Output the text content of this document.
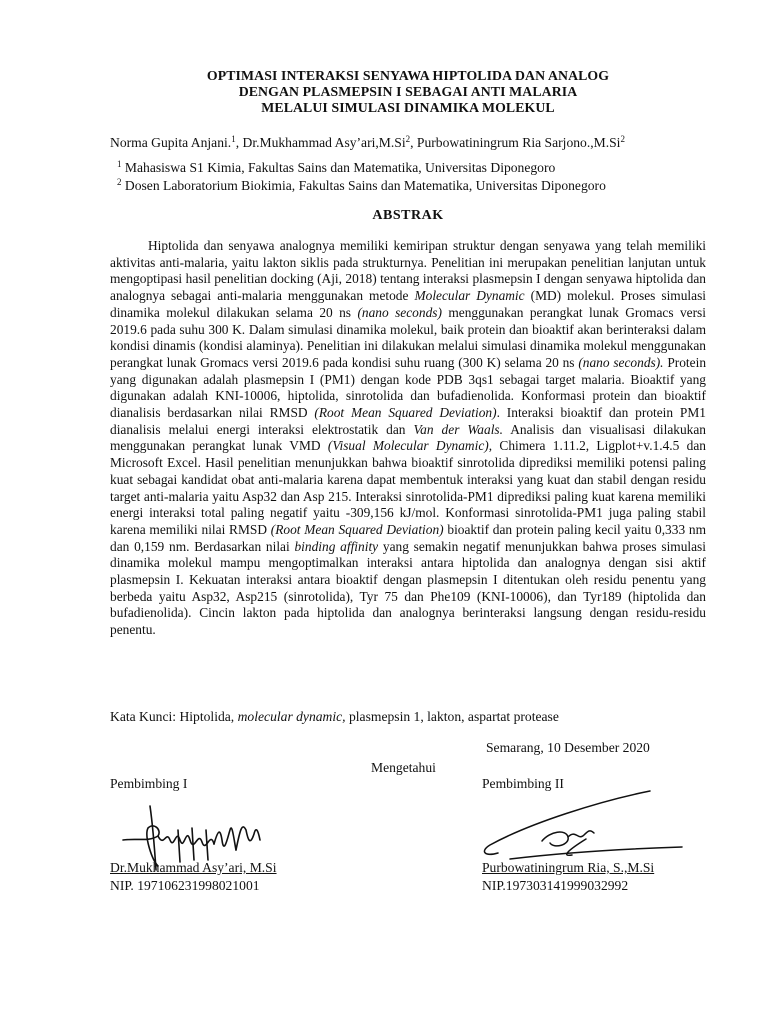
OPTIMASI INTERAKSI SENYAWA HIPTOLIDA DAN ANALOG
DENGAN PLASMEPSIN I SEBAGAI ANTI MALARIA
MELALUI SIMULASI DINAMIKA MOLEKUL
Norma Gupita Anjani.$^1$, Dr.Mukhammad Asy’ari,M.Si$^2$, Purbowatiningrum Ria Sarjono.,M.Si$^2$
$^1$ Mahasiswa S1 Kimia, Fakultas Sains dan Matematika, Universitas Diponegoro
$^2$ Dosen Laboratorium Biokimia, Fakultas Sains dan Matematika, Universitas Diponegoro
ABSTRAK

Hiptolida dan senyawa analognya memiliki kemiripan struktur dengan senyawa yang telah memiliki aktivitas anti-malaria, yaitu lakton siklis pada strukturnya. Penelitian ini merupakan penelitian lanjutan untuk mengoptipasi hasil penelitian docking (Aji, 2018) tentang interaksi plasmepsin I dengan senyawa hiptolida dan analognya sebagai anti-malaria menggunakan metode Molecular Dynamic (MD) molekul. Proses simulasi dinamika molekul dilakukan selama 20 ns (nano seconds) menggunakan perangkat lunak Gromacs versi 2019.6 pada suhu 300 K. Dalam simulasi dinamika molekul, baik protein dan bioaktif akan berinteraksi dalam kondisi dinamis (kondisi alaminya). Penelitian ini dilakukan melalui simulasi dinamika molekul menggunakan perangkat lunak Gromacs versi 2019.6 pada kondisi suhu ruang (300 K) selama 20 ns (nano seconds). Protein yang digunakan adalah plasmepsin I (PM1) dengan kode PDB 3qs1 sebagai target malaria. Bioaktif yang digunakan adalah KNI-10006, hiptolida, sinrotolida dan bufadienolida. Konformasi protein dan bioaktif dianalisis berdasarkan nilai RMSD (Root Mean Squared Deviation). Interaksi bioaktif dan protein PM1 dianalisis melalui energi interaksi elektrostatik dan Van der Waals. Analisis dan visualisasi dilakukan menggunakan perangkat lunak VMD (Visual Molecular Dynamic), Chimera 1.11.2, Ligplot+v.1.4.5 dan Microsoft Excel. Hasil penelitian menunjukkan bahwa bioaktif sinrotolida diprediksi memiliki potensi paling kuat sebagai kandidat obat anti-malaria karena dapat membentuk interaksi yang kuat dan stabil dengan residu target anti-malaria yaitu Asp32 dan Asp 215. Interaksi sinrotolida-PM1 diprediksi paling kuat karena memiliki energi interaksi total paling negatif yaitu -309,156 kJ/mol. Konformasi sinrotolida-PM1 juga paling stabil karena memiliki nilai RMSD (Root Mean Squared Deviation) bioaktif dan protein paling kecil yaitu 0,333 nm dan 0,159 nm. Berdasarkan nilai binding affinity yang semakin negatif menunjukkan bahwa proses simulasi dinamika molekul mampu mengoptimalkan interaksi antara hiptolida dan analognya dengan sisi aktif plasmepsin I. Kekuatan interaksi antara bioaktif dengan plasmepsin I ditentukan oleh residu penentu yang berbeda yaitu Asp32, Asp215 (sinrotolida), Tyr 75 dan Phe109 (KNI-10006), dan Tyr189 (hiptolida dan bufadienolida). Cincin lakton pada hiptolida dan analognya berinteraksi langsung dengan residu-residu penentu.

Kata Kunci: Hiptolida, molecular dynamic, plasmepsin 1, lakton, aspartat protease
Semarang, 10 Desember 2020
Mengetahui
Pembimbing I	Pembimbing II
Dr.Mukhammad Asy’ari, M.Si	Purbowatiningrum Ria, S.,M.Si
NIP. 197106231998021001	NIP.197303141999032992
